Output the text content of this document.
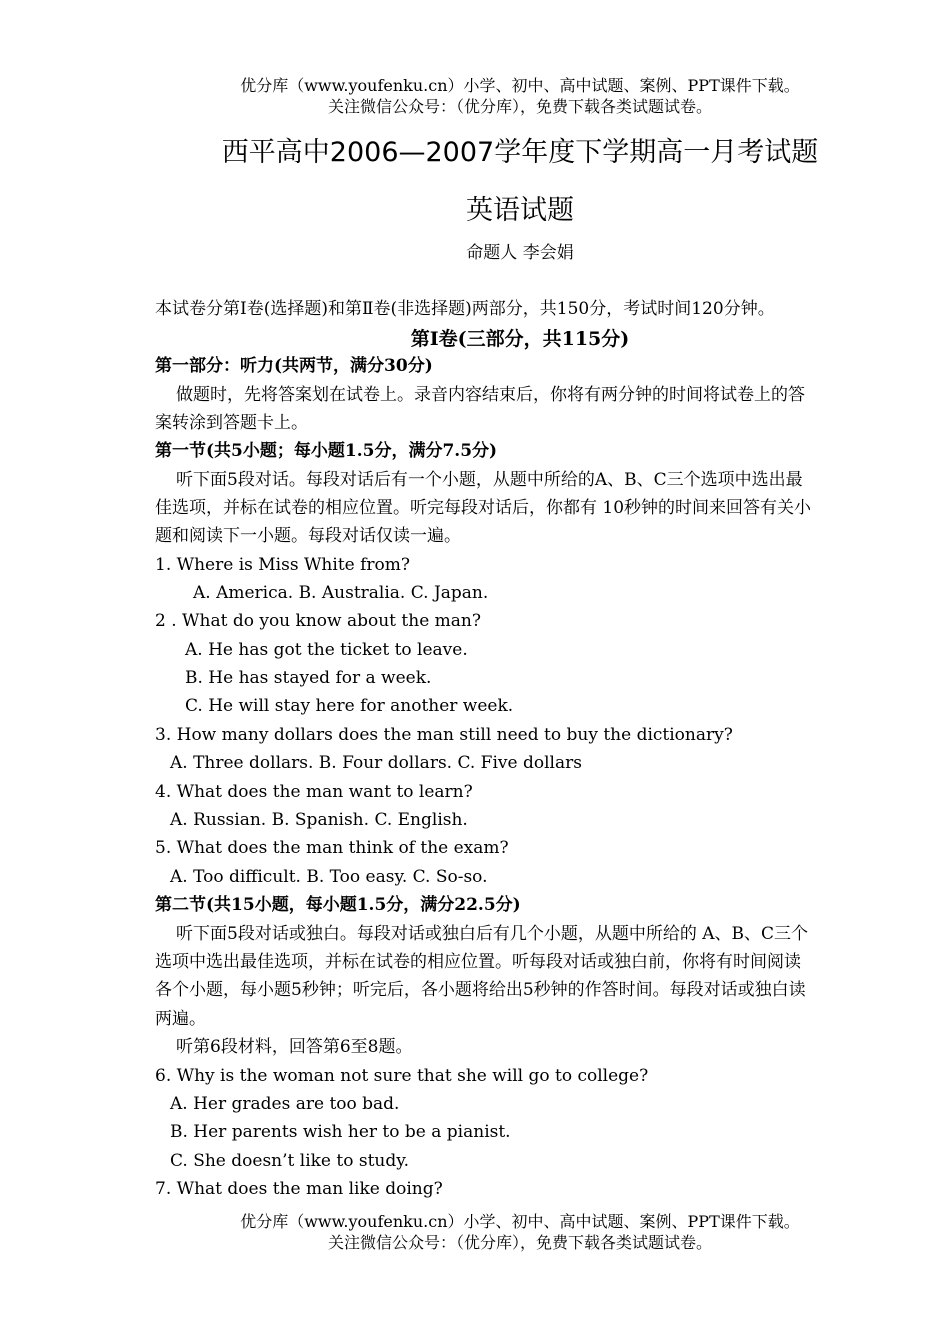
优分库（www.youfenku.cn）小学、初中、高中试题、案例、PPT课件下载。
关注微信公众号：（优分库），免费下载各类试题试卷。
西平高中2006—2007学年度下学期高一月考试题
英语试题
命题人 李会娟
本试卷分第Ⅰ卷(选择题)和第Ⅱ卷(非选择题)两部分，共150分，考试时间120分钟。
第Ⅰ卷(三部分，共115分)
第一部分：听力(共两节，满分30分)
做题时，先将答案划在试卷上。录音内容结束后，你将有两分钟的时间将试卷上的答
案转涂到答题卡上。
第一节(共5小题；每小题1.5分，满分7.5分)
听下面5段对话。每段对话后有一个小题，从题中所给的A、B、C三个选项中选出最
佳选项，并标在试卷的相应位置。听完每段对话后，你都有 10秒钟的时间来回答有关小
题和阅读下一小题。每段对话仅读一遍。
1. Where is Miss White from?
A. America. B. Australia. C. Japan.
2 . What do you know about the man?
A. He has got the ticket to leave.
B. He has stayed for a week.
C. He will stay here for another week.
3. How many dollars does the man still need to buy the dictionary?
A. Three dollars. B. Four dollars. C. Five dollars
4. What does the man want to learn?
A. Russian. B. Spanish. C. English.
5. What does the man think of the exam?
A. Too difficult. B. Too easy. C. So-so.
第二节(共15小题，每小题1.5分，满分22.5分)
听下面5段对话或独白。每段对话或独白后有几个小题，从题中所给的 A、B、C三个
选项中选出最佳选项，并标在试卷的相应位置。听每段对话或独白前，你将有时间阅读
各个小题，每小题5秒钟；听完后，各小题将给出5秒钟的作答时间。每段对话或独白读
两遍。
听第6段材料，回答第6至8题。
6. Why is the woman not sure that she will go to college?
A. Her grades are too bad.
B. Her parents wish her to be a pianist.
C. She doesn’t like to study.
7. What does the man like doing?
优分库（www.youfenku.cn）小学、初中、高中试题、案例、PPT课件下载。
关注微信公众号：（优分库），免费下载各类试题试卷。
